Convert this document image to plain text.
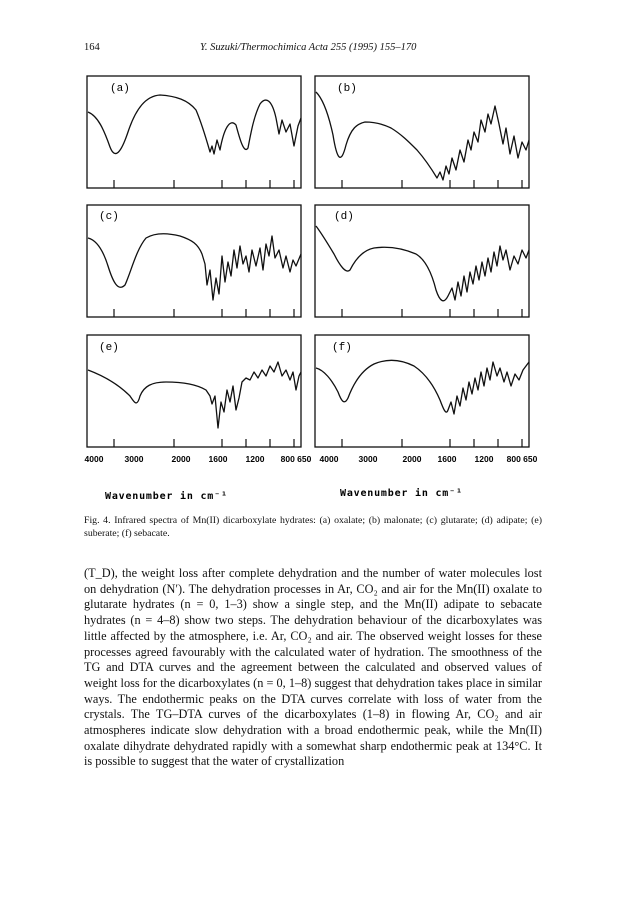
164	Y. Suzuki/Thermochimica Acta 255 (1995) 155–170
(a)	(b)
(c)	(d)
(e)	(f)
4000 3000	2000 1600 1200 800 650 4000 3000	2000 1600 1200 800 650
Wavenumber in cm⁻¹	Wavenumber in cm⁻¹
Fig. 4. Infrared spectra of Mn(II) dicarboxylate hydrates: (a) oxalate; (b) malonate; (c) glutarate; (d) adipate; (e) suberate; (f) sebacate.
(T_D), the weight loss after complete dehydration and the number of water molecules lost on dehydration (N′). The dehydration processes in Ar, CO₂ and air for the Mn(II) oxalate to glutarate hydrates (n = 0, 1–3) show a single step, and the Mn(II) adipate to sebacate hydrates (n = 4–8) show two steps. The dehydration behaviour of the dicarboxylates was little affected by the atmosphere, i.e. Ar, CO₂ and air. The observed weight losses for these processes agreed favourably with the calculated water of hydration. The smoothness of the TG and DTA curves and the agreement between the calculated and observed values of weight loss for the dicarboxylates (n = 0, 1–8) suggest that dehydration takes place in similar ways. The endothermic peaks on the DTA curves correlate with loss of water from the crystals. The TG–DTA curves of the dicarboxylates (1–8) in flowing Ar, CO₂ and air atmospheres indicate slow dehydration with a broad endothermic peak, while the Mn(II) oxalate dihydrate dehydrated rapidly with a somewhat sharp endothermic peak at 134°C. It is possible to suggest that the water of crystallization
